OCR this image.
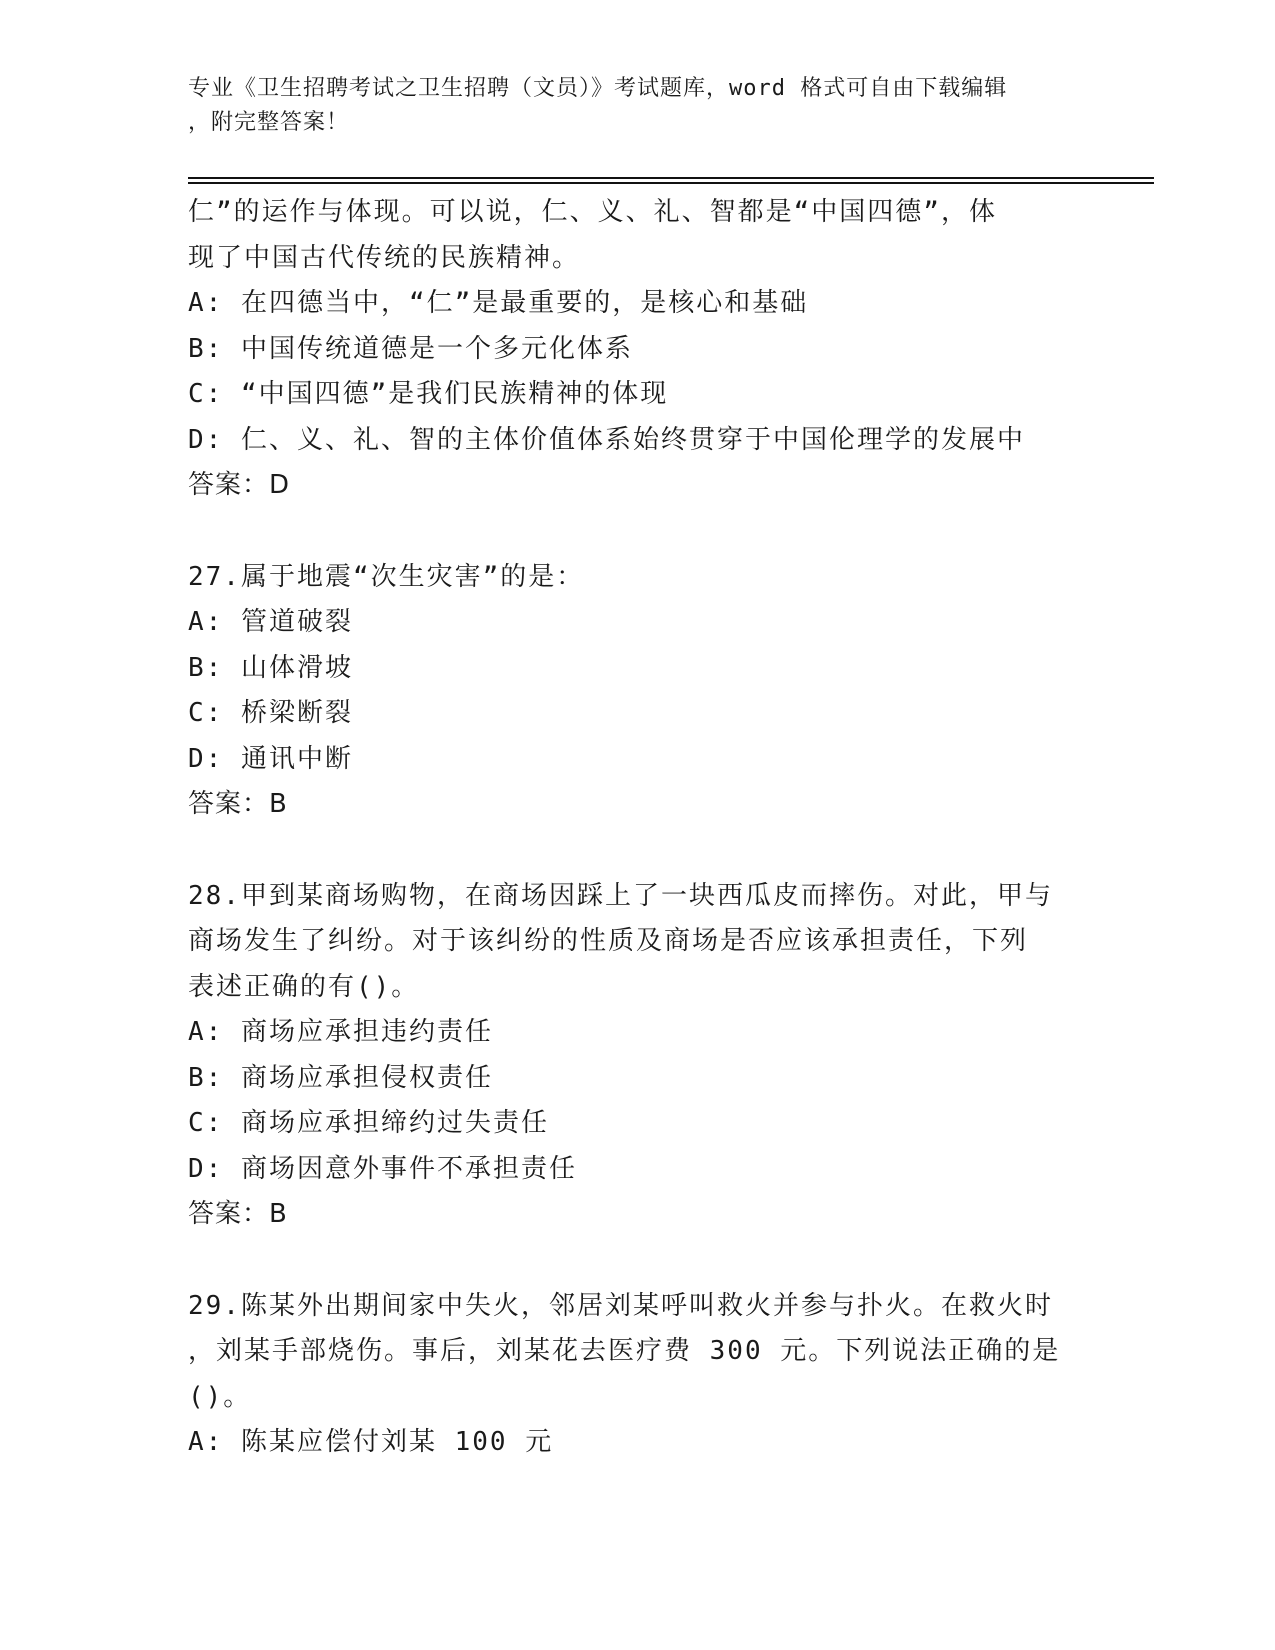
专业《卫生招聘考试之卫生招聘（文员）》考试题库，word 格式可自由下载编辑
，附完整答案！
仁”的运作与体现。可以说，仁、义、礼、智都是“中国四德”，体
现了中国古代传统的民族精神。
A: 在四德当中，“仁”是最重要的，是核心和基础
B: 中国传统道德是一个多元化体系
C: “中国四德”是我们民族精神的体现
D: 仁、义、礼、智的主体价值体系始终贯穿于中国伦理学的发展中
答案：D
27.属于地震“次生灾害”的是：
A: 管道破裂
B: 山体滑坡
C: 桥梁断裂
D: 通讯中断
答案：B
28.甲到某商场购物，在商场因踩上了一块西瓜皮而摔伤。对此，甲与
商场发生了纠纷。对于该纠纷的性质及商场是否应该承担责任，下列
表述正确的有()。
A: 商场应承担违约责任
B: 商场应承担侵权责任
C: 商场应承担缔约过失责任
D: 商场因意外事件不承担责任
答案：B
29.陈某外出期间家中失火，邻居刘某呼叫救火并参与扑火。在救火时
，刘某手部烧伤。事后，刘某花去医疗费 300 元。下列说法正确的是
()。
A: 陈某应偿付刘某 100 元
